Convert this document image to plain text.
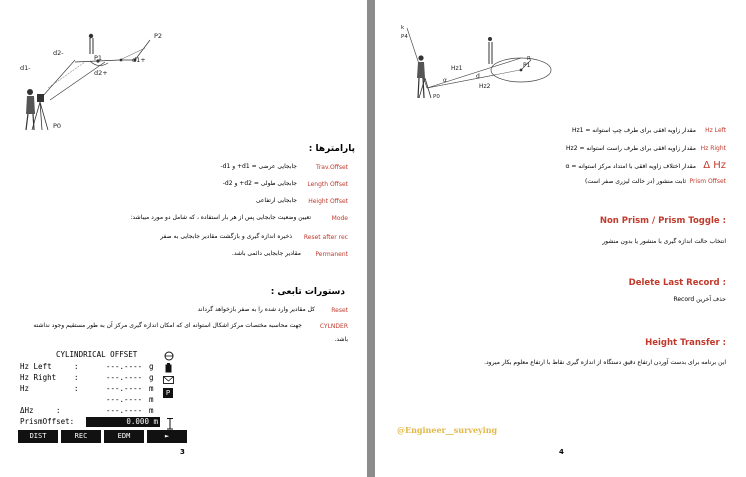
P2
d2-
P1
d1-
d1+
d2+
P0
پارامترها :
Trav.Offset
جابجایی عرضی = d1+ و d1-
Length Offset
جابجایی طولی = d2+ و d2-
Height Offset
جابجایی ارتفاعی
Mode
تعیین وضعیت جابجایی پس از هر بار استفاده ، که شامل دو مورد میباشد:
Reset after rec
ذخیره اندازه گیری و بازگشت مقادیر جابجایی به صفر
Permanent
مقادیر جابجایی دائمی باشد.
دستورات تابعی :
Reset
کل مقادیر وارد شده را به صفر بازخواهد گرداند
CYLNDER
جهت محاسبه مختصات مرکز اشکال استوانه ای که امکان اندازه گیری مرکز آن به طور مستقیم وجود نداشته
باشد.
CYLINDRICAL OFFSET
Hz Left	:	---.---- g
Hz Right :	---.---- g
Hz	:	---.---- m
---.---- m
ΔHz	:	---.---- m
PrismOffset:	0.000 m
P
DIST	REC	EDM	►
3
k
P4
Hz1
α
d
R
P1
Hz2
P0
Hz Left
مقدار زاویه افقی برای طرف چپ استوانه = Hz1
Hz Right
مقدار زاویه افقی برای طرف راست استوانه = Hz2
Δ Hz
مقدار اختلاف زاویه افقی با امتداد مرکز استوانه = α
Prism Offset
ثابت منشور (در حالت لیزری صفر است)
Non Prism / Prism Toggle :
انتخاب حالت اندازه گیری با منشور یا بدون منشور
Delete Last Record :
حذف آخرین Record
Height Transfer :
این برنامه برای بدست آوردن ارتفاع دقیق دستگاه از اندازه گیری نقاط با ارتفاع معلوم بکار میرود.
@Engineer__surveying
4
